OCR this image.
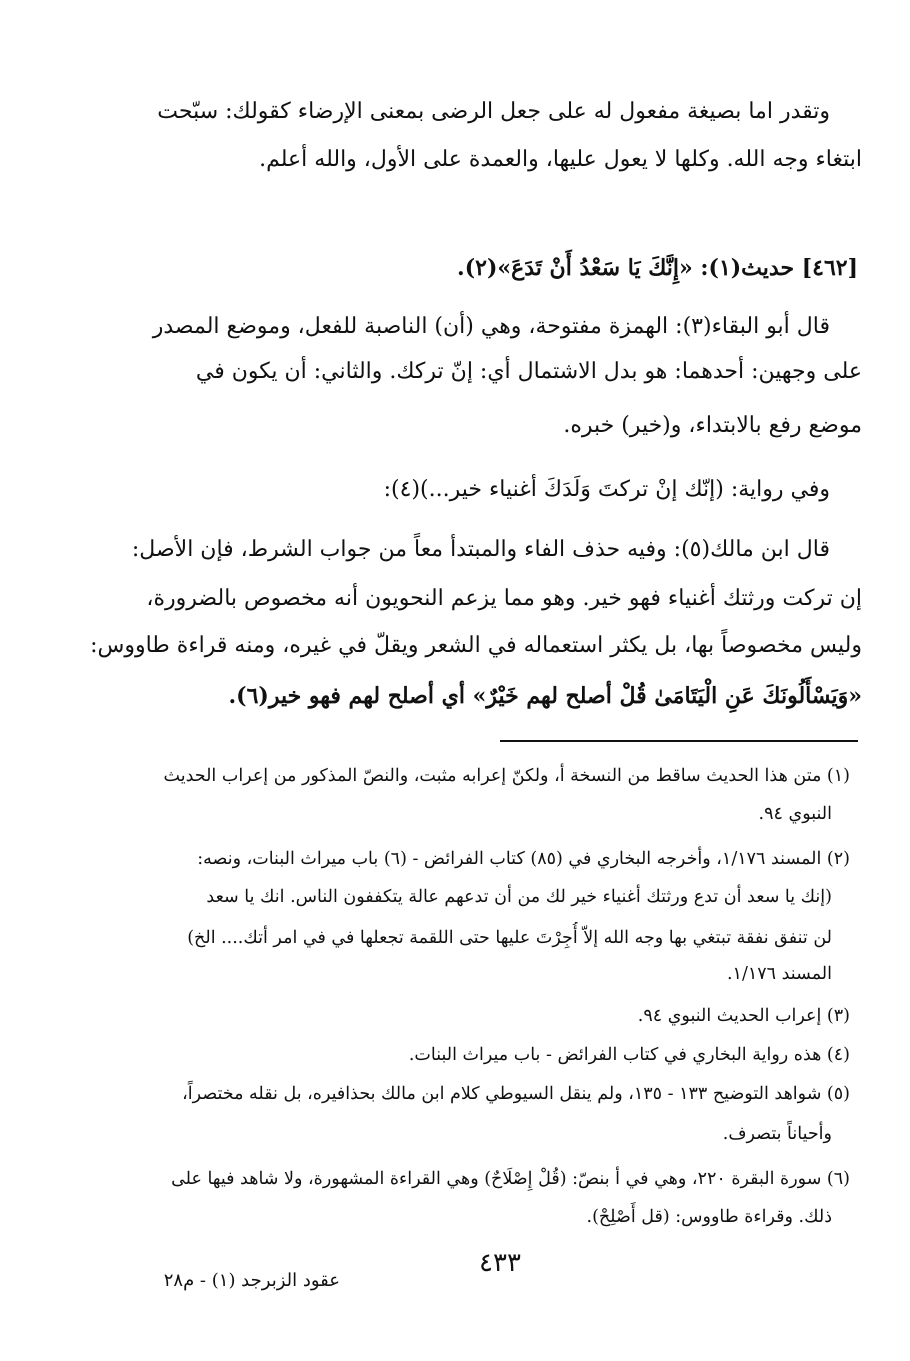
وتقدر اما بصيغة مفعول له على جعل الرضى بمعنى الإرضاء كقولك: سبّحت
ابتغاء وجه الله. وكلها لا يعول عليها، والعمدة على الأول، والله أعلم.
[٤٦٢] حديث(١): «إِنَّكَ يَا سَعْدُ أَنْ تَدَعَ»(٢).
قال أبو البقاء(٣): الهمزة مفتوحة، وهي (أن) الناصبة للفعل، وموضع المصدر
على وجهين: أحدهما: هو بدل الاشتمال أي: إنّ تركك. والثاني: أن يكون في
موضع رفع بالابتداء، و(خير) خبره.
وفي رواية: (إنّك إنْ تركتَ وَلَدَكَ أغنياء خير...)(٤):
قال ابن مالك(٥): وفيه حذف الفاء والمبتدأ معاً من جواب الشرط، فإن الأصل:
إن تركت ورثتك أغنياء فهو خير. وهو مما يزعم النحويون أنه مخصوص بالضرورة،
وليس مخصوصاً بها، بل يكثر استعماله في الشعر ويقلّ في غيره، ومنه قراءة طاووس:
«وَيَسْأَلُونَكَ عَنِ الْيَتَامَىٰ قُلْ أصلح لهم خَيْرٌ» أي أصلح لهم فهو خير(٦).
(١) متن هذا الحديث ساقط من النسخة أ، ولكنّ إعرابه مثبت، والنصّ المذكور من إعراب الحديث
النبوي ٩٤.
(٢) المسند ١/١٧٦، وأخرجه البخاري في (٨٥) كتاب الفرائض - (٦) باب ميراث البنات، ونصه:
(إنك يا سعد أن تدع ورثتك أغنياء خير لك من أن تدعهم عالة يتكففون الناس. انك يا سعد
لن تنفق نفقة تبتغي بها وجه الله إلاّ أُجِرْتَ عليها حتى اللقمة تجعلها في في امر أتك.... الخ)
المسند ١/١٧٦.
(٣) إعراب الحديث النبوي ٩٤.
(٤) هذه رواية البخاري في كتاب الفرائض - باب ميراث البنات.
(٥) شواهد التوضيح ١٣٣ - ١٣٥، ولم ينقل السيوطي كلام ابن مالك بحذافيره، بل نقله مختصراً،
وأحياناً بتصرف.
(٦) سورة البقرة ٢٢٠، وهي في أ بنصّ: (قُلْ إِصْلَاحٌ) وهي القراءة المشهورة، ولا شاهد فيها على
ذلك. وقراءة طاووس: (قل أَصْلِحْ).
٤٣٣
عقود الزبرجد (١) - م٢٨
